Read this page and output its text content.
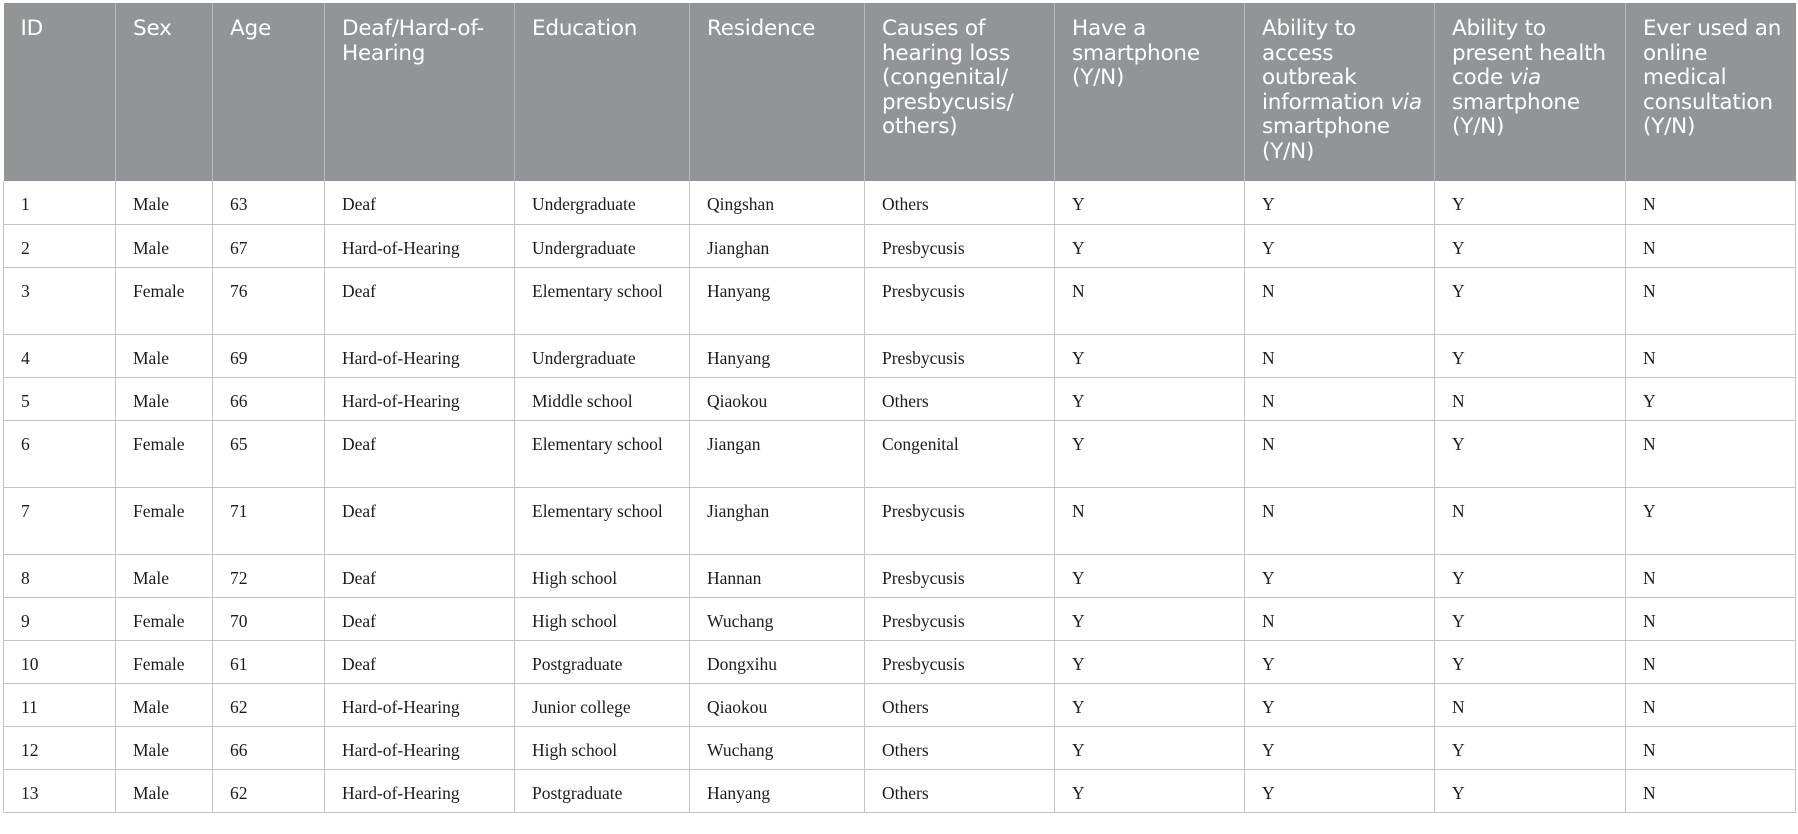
ID	Sex	Age	Deaf/Hard-of-Hearing	Education	Residence	Causes of hearing loss (congenital/ presbycusis/ others)	Have a smartphone (Y/N)	Ability to access outbreak information via smartphone (Y/N)	Ability to present health code via smartphone (Y/N)	Ever used an online medical consultation (Y/N)
1	Male	63	Deaf	Undergraduate	Qingshan	Others	Y	Y	Y	N
2	Male	67	Hard-of-Hearing	Undergraduate	Jianghan	Presbycusis	Y	Y	Y	N
3	Female	76	Deaf	Elementary school	Hanyang	Presbycusis	N	N	Y	N
4	Male	69	Hard-of-Hearing	Undergraduate	Hanyang	Presbycusis	Y	N	Y	N
5	Male	66	Hard-of-Hearing	Middle school	Qiaokou	Others	Y	N	N	Y
6	Female	65	Deaf	Elementary school	Jiangan	Congenital	Y	N	Y	N
7	Female	71	Deaf	Elementary school	Jianghan	Presbycusis	N	N	N	Y
8	Male	72	Deaf	High school	Hannan	Presbycusis	Y	Y	Y	N
9	Female	70	Deaf	High school	Wuchang	Presbycusis	Y	N	Y	N
10	Female	61	Deaf	Postgraduate	Dongxihu	Presbycusis	Y	Y	Y	N
11	Male	62	Hard-of-Hearing	Junior college	Qiaokou	Others	Y	Y	N	N
12	Male	66	Hard-of-Hearing	High school	Wuchang	Others	Y	Y	Y	N
13	Male	62	Hard-of-Hearing	Postgraduate	Hanyang	Others	Y	Y	Y	N
